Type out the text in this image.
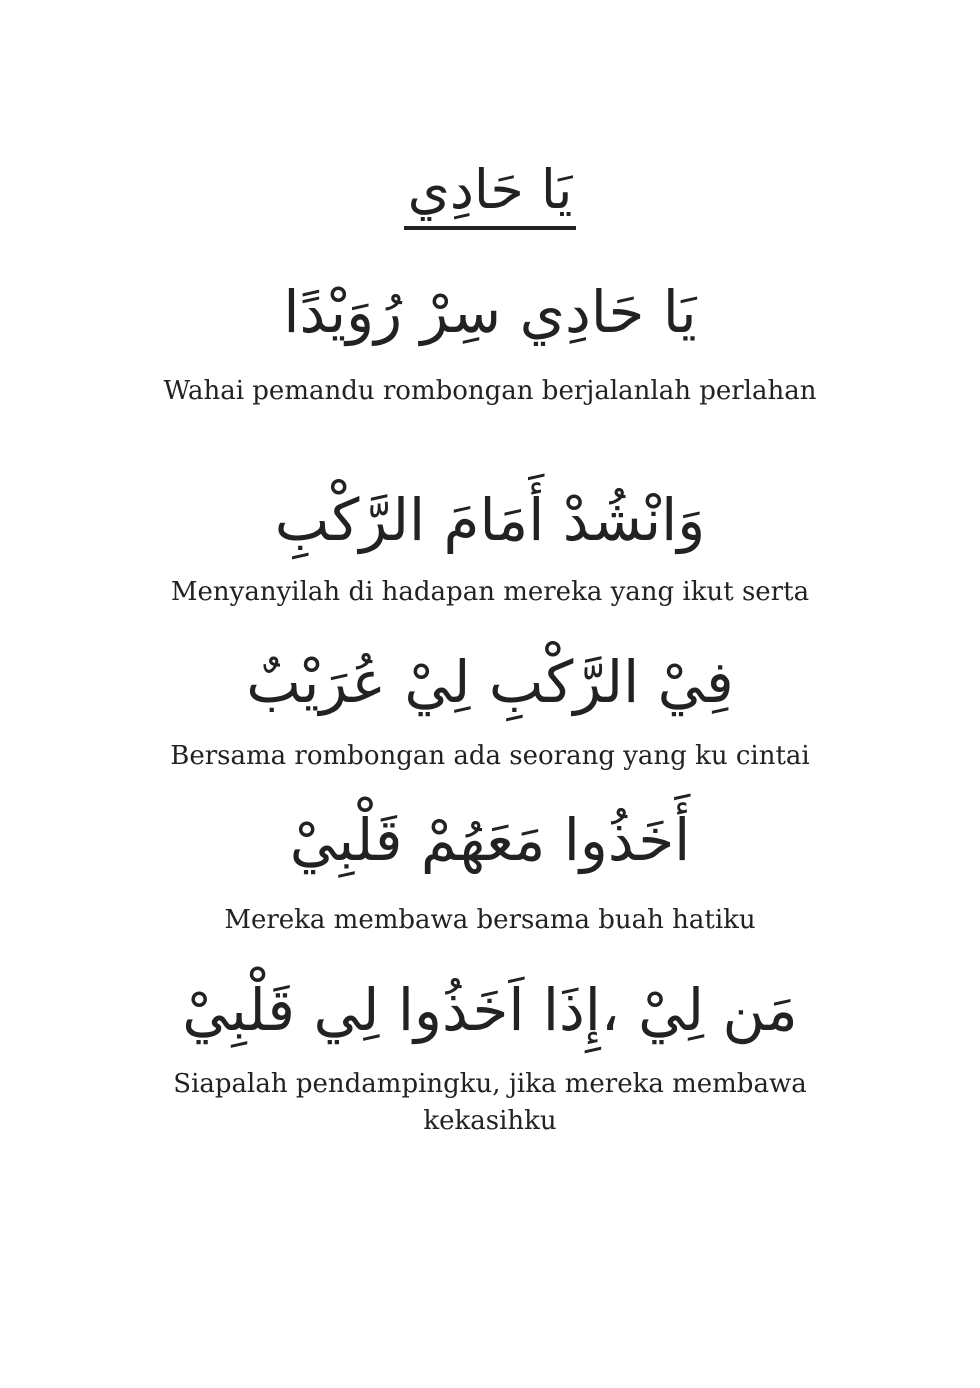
يَا حَادِي
يَا حَادِي سِرْ رُوَيْدًا
Wahai pemandu rombongan berjalanlah perlahan
وَانْشُدْ أَمَامَ الرَّكْبِ
Menyanyilah di hadapan mereka yang ikut serta
فِيْ الرَّكْبِ لِيْ عُرَيْبٌ
Bersama rombongan ada seorang yang ku cintai
أَخَذُوا مَعَهُمْ قَلْبِيْ
Mereka membawa bersama buah hatiku
مَن لِيْ ،إِذَا اَخَذُوا لِي قَلْبِيْ
Siapalah pendampingku, jika mereka membawa kekasihku
